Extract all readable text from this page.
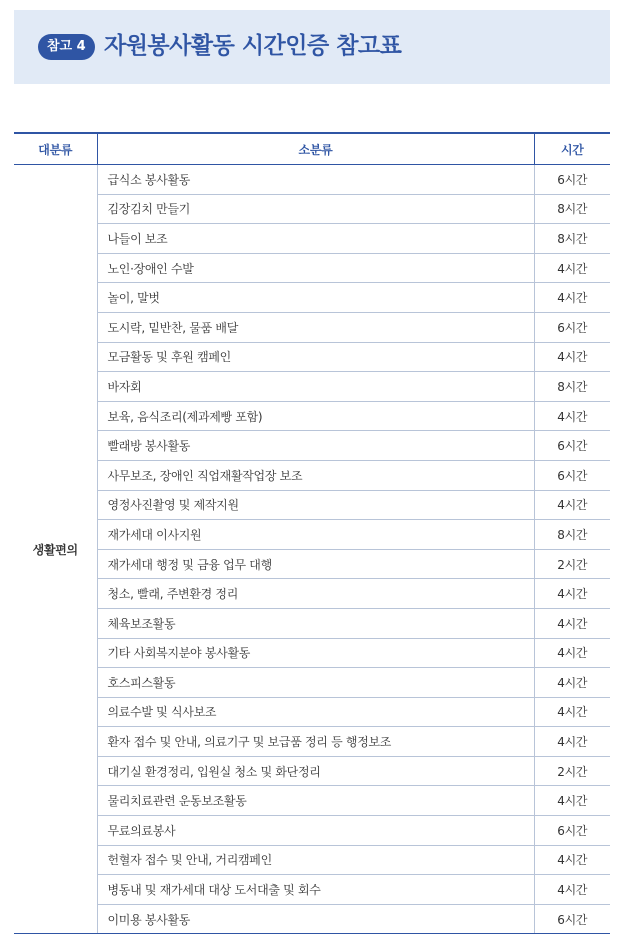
참고 4 자원봉사활동 시간인증 참고표
대분류	소분류	시간
생활편의	급식소 봉사활동	6시간
	김장김치 만들기	8시간
	나들이 보조	8시간
	노인·장애인 수발	4시간
	놀이, 말벗	4시간
	도시락, 밑반찬, 물품 배달	6시간
	모금활동 및 후원 캠페인	4시간
	바자회	8시간
	보육, 음식조리(제과제빵 포함)	4시간
	빨래방 봉사활동	6시간
	사무보조, 장애인 직업재활작업장 보조	6시간
	영정사진촬영 및 제작지원	4시간
	재가세대 이사지원	8시간
	재가세대 행정 및 금융 업무 대행	2시간
	청소, 빨래, 주변환경 정리	4시간
	체육보조활동	4시간
	기타 사회복지분야 봉사활동	4시간
	호스피스활동	4시간
	의료수발 및 식사보조	4시간
	환자 접수 및 안내, 의료기구 및 보급품 정리 등 행정보조	4시간
	대기실 환경정리, 입원실 청소 및 화단정리	2시간
	물리치료관련 운동보조활동	4시간
	무료의료봉사	6시간
	헌혈자 접수 및 안내, 거리캠페인	4시간
	병동내 및 재가세대 대상 도서대출 및 회수	4시간
	이미용 봉사활동	6시간
